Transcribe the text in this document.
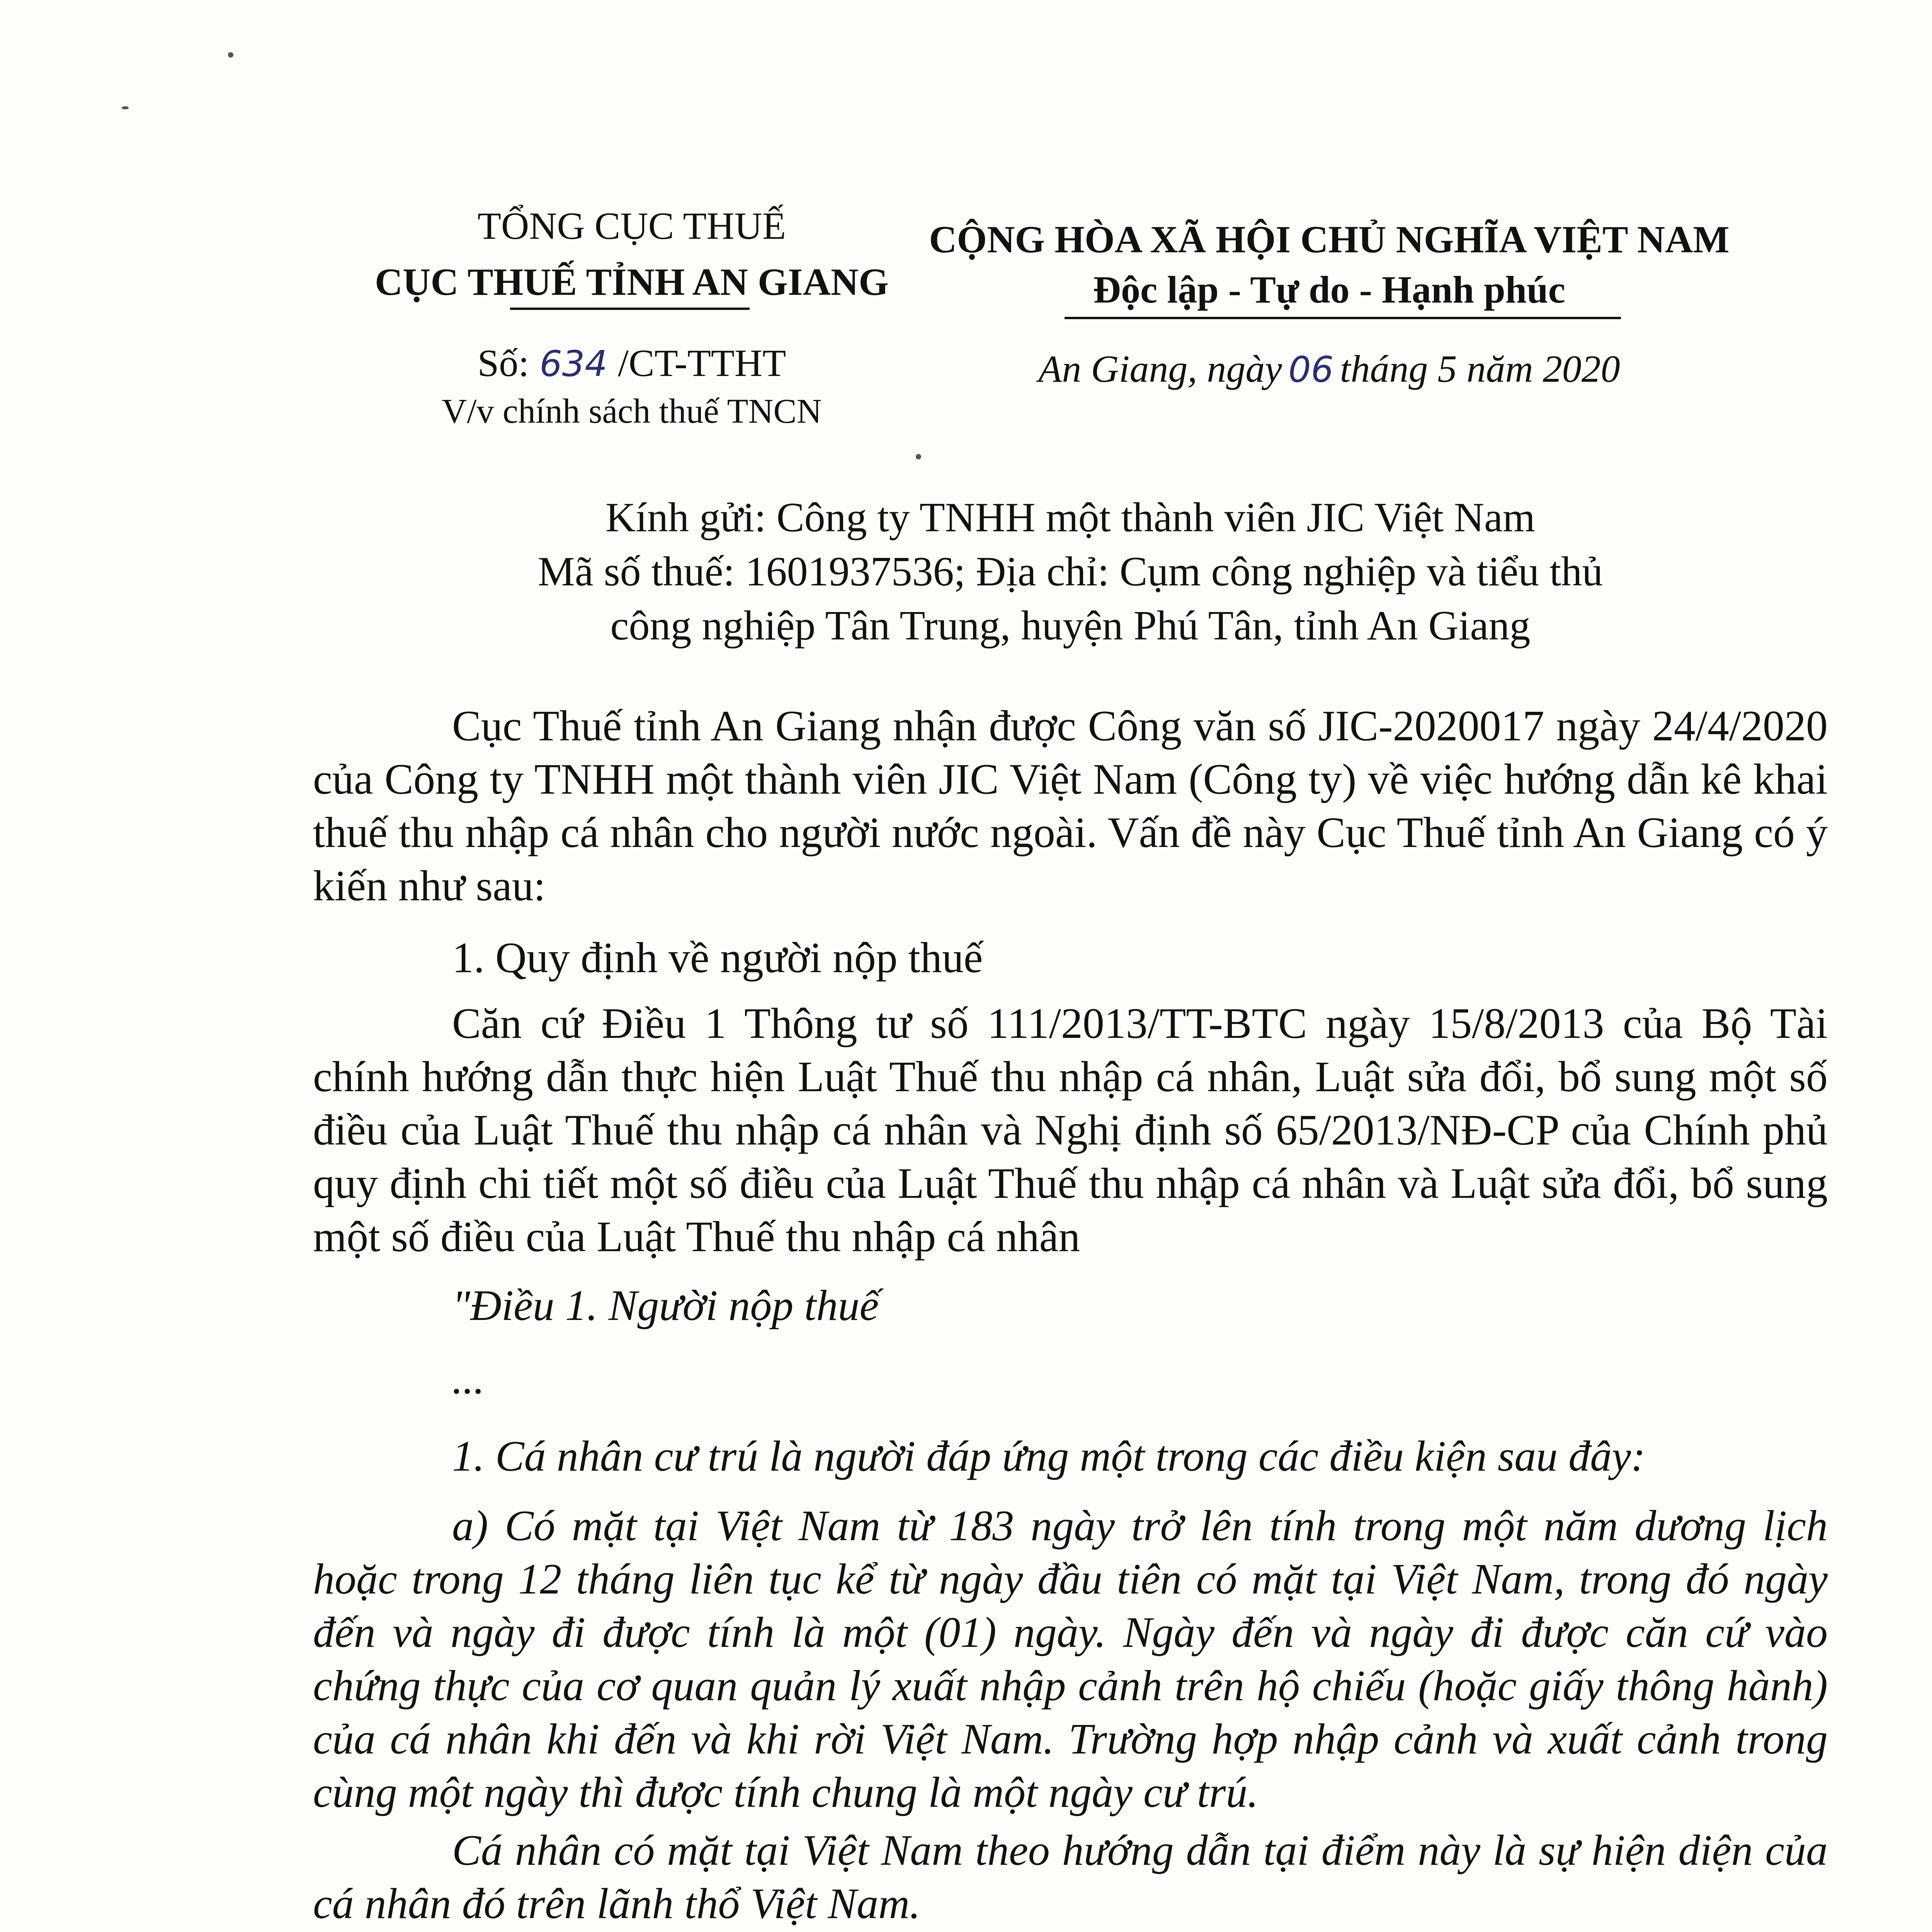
TỔNG CỤC THUẾ
CỤC THUẾ TỈNH AN GIANG
CỘNG HÒA XÃ HỘI CHỦ NGHĨA VIỆT NAM
Độc lập - Tự do - Hạnh phúc
Số: 634 /CT-TTHT
V/v chính sách thuế TNCN
An Giang, ngày 06 tháng 5 năm 2020
Kính gửi: Công ty TNHH một thành viên JIC Việt Nam
Mã số thuế: 1601937536; Địa chỉ: Cụm công nghiệp và tiểu thủ
công nghiệp Tân Trung, huyện Phú Tân, tỉnh An Giang
Cục Thuế tỉnh An Giang nhận được Công văn số JIC-2020017 ngày 24/4/2020 của Công ty TNHH một thành viên JIC Việt Nam (Công ty) về việc hướng dẫn kê khai thuế thu nhập cá nhân cho người nước ngoài. Vấn đề này Cục Thuế tỉnh An Giang có ý kiến như sau:
1. Quy định về người nộp thuế
Căn cứ Điều 1 Thông tư số 111/2013/TT-BTC ngày 15/8/2013 của Bộ Tài chính hướng dẫn thực hiện Luật Thuế thu nhập cá nhân, Luật sửa đổi, bổ sung một số điều của Luật Thuế thu nhập cá nhân và Nghị định số 65/2013/NĐ-CP của Chính phủ quy định chi tiết một số điều của Luật Thuế thu nhập cá nhân và Luật sửa đổi, bổ sung một số điều của Luật Thuế thu nhập cá nhân
"Điều 1. Người nộp thuế
...
1. Cá nhân cư trú là người đáp ứng một trong các điều kiện sau đây:
a) Có mặt tại Việt Nam từ 183 ngày trở lên tính trong một năm dương lịch hoặc trong 12 tháng liên tục kể từ ngày đầu tiên có mặt tại Việt Nam, trong đó ngày đến và ngày đi được tính là một (01) ngày. Ngày đến và ngày đi được căn cứ vào chứng thực của cơ quan quản lý xuất nhập cảnh trên hộ chiếu (hoặc giấy thông hành) của cá nhân khi đến và khi rời Việt Nam. Trường hợp nhập cảnh và xuất cảnh trong cùng một ngày thì được tính chung là một ngày cư trú.
Cá nhân có mặt tại Việt Nam theo hướng dẫn tại điểm này là sự hiện diện của cá nhân đó trên lãnh thổ Việt Nam.
